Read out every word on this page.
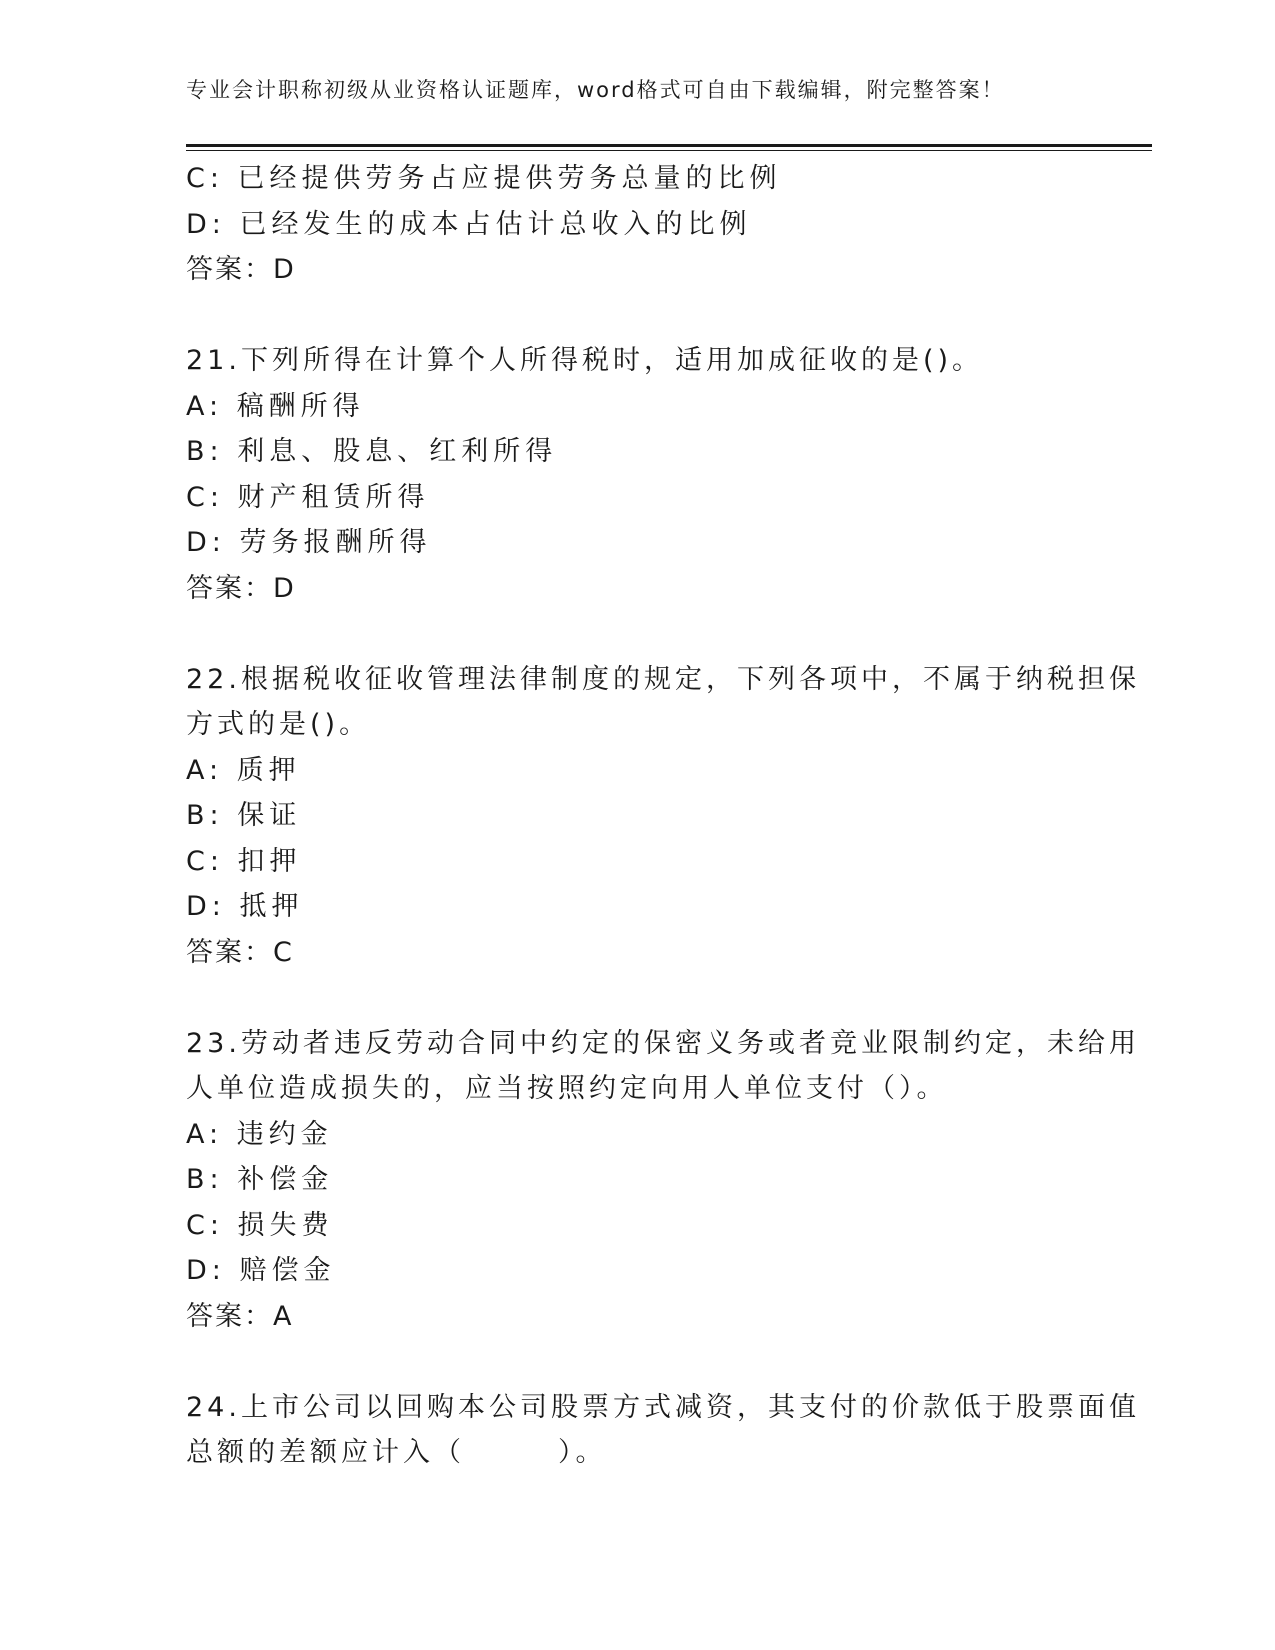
专业会计职称初级从业资格认证题库，word格式可自由下载编辑，附完整答案！
C: 已经提供劳务占应提供劳务总量的比例
D: 已经发生的成本占估计总收入的比例
答案：D
21.下列所得在计算个人所得税时，适用加成征收的是()。
A: 稿酬所得
B: 利息、股息、红利所得
C: 财产租赁所得
D: 劳务报酬所得
答案：D
22.根据税收征收管理法律制度的规定，下列各项中，不属于纳税担保
方式的是()。
A: 质押
B: 保证
C: 扣押
D: 抵押
答案：C
23.劳动者违反劳动合同中约定的保密义务或者竞业限制约定，未给用
人单位造成损失的，应当按照约定向用人单位支付（）。
A: 违约金
B: 补偿金
C: 损失费
D: 赔偿金
答案：A
24.上市公司以回购本公司股票方式减资，其支付的价款低于股票面值
总额的差额应计入（　　　）。
